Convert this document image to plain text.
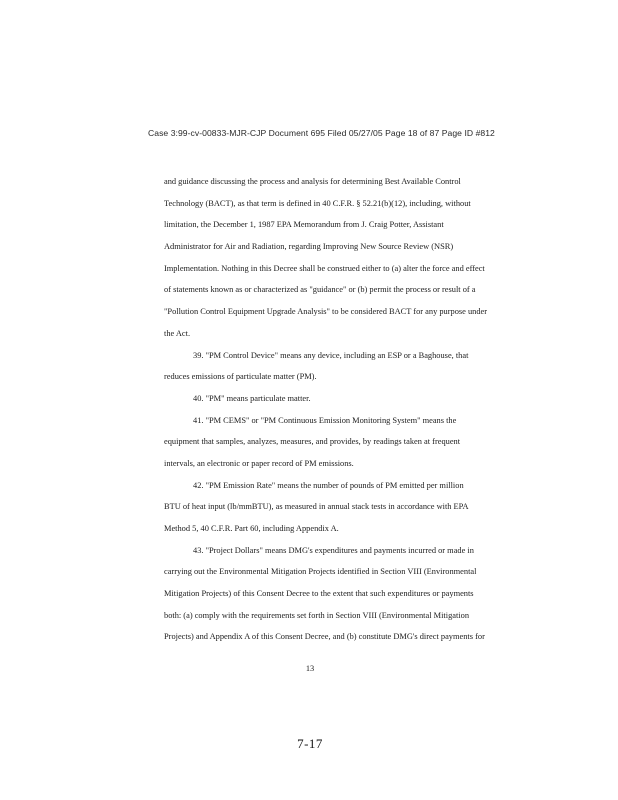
Case 3:99-cv-00833-MJR-CJP Document 695 Filed 05/27/05 Page 18 of 87 Page ID #812
and guidance discussing the process and analysis for determining Best Available Control
Technology (BACT), as that term is defined in 40 C.F.R. § 52.21(b)(12), including, without
limitation, the December 1, 1987 EPA Memorandum from J. Craig Potter, Assistant
Administrator for Air and Radiation, regarding Improving New Source Review (NSR)
Implementation. Nothing in this Decree shall be construed either to (a) alter the force and effect
of statements known as or characterized as "guidance" or (b) permit the process or result of a
"Pollution Control Equipment Upgrade Analysis" to be considered BACT for any purpose under
the Act.
39. "PM Control Device" means any device, including an ESP or a Baghouse, that
reduces emissions of particulate matter (PM).
40. "PM" means particulate matter.
41. "PM CEMS" or "PM Continuous Emission Monitoring System" means the
equipment that samples, analyzes, measures, and provides, by readings taken at frequent
intervals, an electronic or paper record of PM emissions.
42. "PM Emission Rate" means the number of pounds of PM emitted per million
BTU of heat input (lb/mmBTU), as measured in annual stack tests in accordance with EPA
Method 5, 40 C.F.R. Part 60, including Appendix A.
43. "Project Dollars" means DMG's expenditures and payments incurred or made in
carrying out the Environmental Mitigation Projects identified in Section VIII (Environmental
Mitigation Projects) of this Consent Decree to the extent that such expenditures or payments
both: (a) comply with the requirements set forth in Section VIII (Environmental Mitigation
Projects) and Appendix A of this Consent Decree, and (b) constitute DMG's direct payments for
13
7-17
